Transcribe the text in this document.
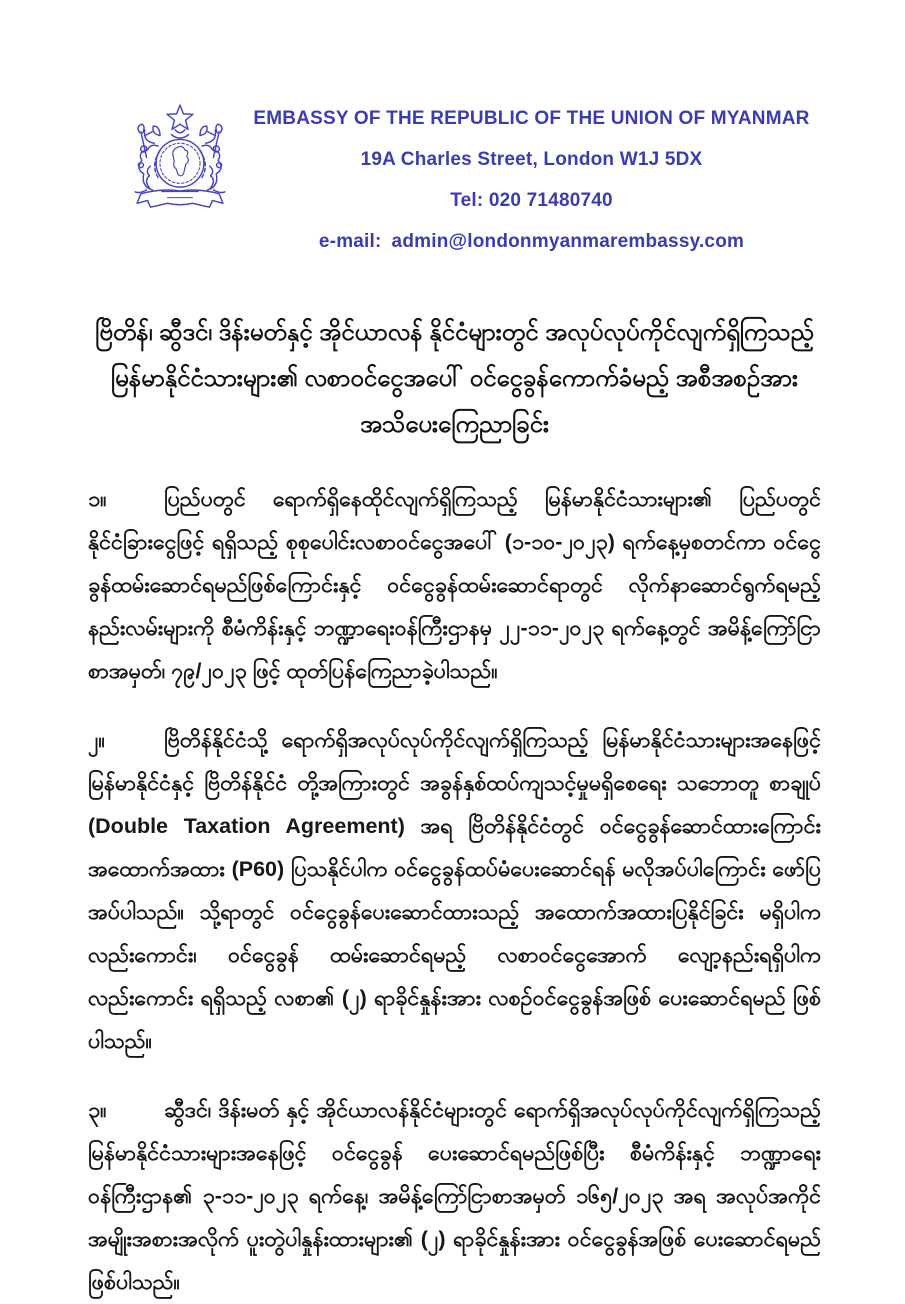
EMBASSY OF THE REPUBLIC OF THE UNION OF MYANMAR
19A Charles Street, London W1J 5DX
Tel: 020 71480740
e-mail: admin@londonmyanmarembassy.com
ဗြိတိန်၊ ဆွီဒင်၊ ဒိန်းမတ်နှင့် အိုင်ယာလန် နိုင်ငံများတွင် အလုပ်လုပ်ကိုင်လျက်ရှိကြသည့်
မြန်မာနိုင်ငံသားများ၏ လစာဝင်ငွေအပေါ် ဝင်ငွေခွန်ကောက်ခံမည့် အစီအစဉ်အား
အသိပေးကြေညာခြင်း

၁။	ပြည်ပတွင် ရောက်ရှိနေထိုင်လျက်ရှိကြသည့် မြန်မာနိုင်ငံသားများ၏ ပြည်ပတွင် နိုင်ငံခြားငွေဖြင့် ရရှိသည့် စုစုပေါင်းလစာဝင်ငွေအပေါ် (၁-၁၀-၂၀၂၃) ရက်နေ့မှစတင်ကာ ဝင်ငွေခွန်ထမ်းဆောင်ရမည်ဖြစ်ကြောင်းနှင့် ဝင်ငွေခွန်ထမ်းဆောင်ရာတွင် လိုက်နာဆောင်ရွက်ရမည့် နည်းလမ်းများကို စီမံကိန်းနှင့် ဘဏ္ဍာရေးဝန်ကြီးဌာနမှ ၂၂-၁၁-၂၀၂၃ ရက်နေ့တွင် အမိန့်ကြော်ငြာစာအမှတ်၊ ၇၉/၂၀၂၃ ဖြင့် ထုတ်ပြန်ကြေညာခဲ့ပါသည်။

၂။	ဗြိတိန်နိုင်ငံသို့ ရောက်ရှိအလုပ်လုပ်ကိုင်လျက်ရှိကြသည့် မြန်မာနိုင်ငံသားများအနေဖြင့် မြန်မာနိုင်ငံနှင့် ဗြိတိန်နိုင်ငံ တို့အကြားတွင် အခွန်နှစ်ထပ်ကျသင့်မှုမရှိစေရေး သဘောတူ စာချုပ် (Double Taxation Agreement) အရ ဗြိတိန်နိုင်ငံတွင် ဝင်ငွေခွန်ဆောင်ထားကြောင်း အထောက်အထား (P60) ပြသနိုင်ပါက ဝင်ငွေခွန်ထပ်မံပေးဆောင်ရန် မလိုအပ်ပါကြောင်း ဖော်ပြ အပ်ပါသည်။ သို့ရာတွင် ဝင်ငွေခွန်ပေးဆောင်ထားသည့် အထောက်အထားပြနိုင်ခြင်း မရှိပါကလည်းကောင်း၊ ဝင်ငွေခွန် ထမ်းဆောင်ရမည့် လစာဝင်ငွေအောက် လျော့နည်းရရှိပါက လည်းကောင်း ရရှိသည့် လစာ၏ (၂) ရာခိုင်နှုန်းအား လစဉ်ဝင်ငွေခွန်အဖြစ် ပေးဆောင်ရမည် ဖြစ်ပါသည်။

၃။	ဆွီဒင်၊ ဒိန်းမတ် နှင့် အိုင်ယာလန်နိုင်ငံများတွင် ရောက်ရှိအလုပ်လုပ်ကိုင်လျက်ရှိကြသည့် မြန်မာနိုင်ငံသားများအနေဖြင့် ဝင်ငွေခွန် ပေးဆောင်ရမည်ဖြစ်ပြီး စီမံကိန်းနှင့် ဘဏ္ဍာရေး ဝန်ကြီးဌာန၏ ၃-၁၁-၂၀၂၃ ရက်နေ့၊ အမိန့်ကြော်ငြာစာအမှတ် ၁၆၅/၂၀၂၃ အရ အလုပ်အကိုင် အမျိုးအစားအလိုက် ပူးတွဲပါနှုန်းထားများ၏ (၂) ရာခိုင်နှုန်းအား ဝင်ငွေခွန်အဖြစ် ပေးဆောင်ရမည်ဖြစ်ပါသည်။
